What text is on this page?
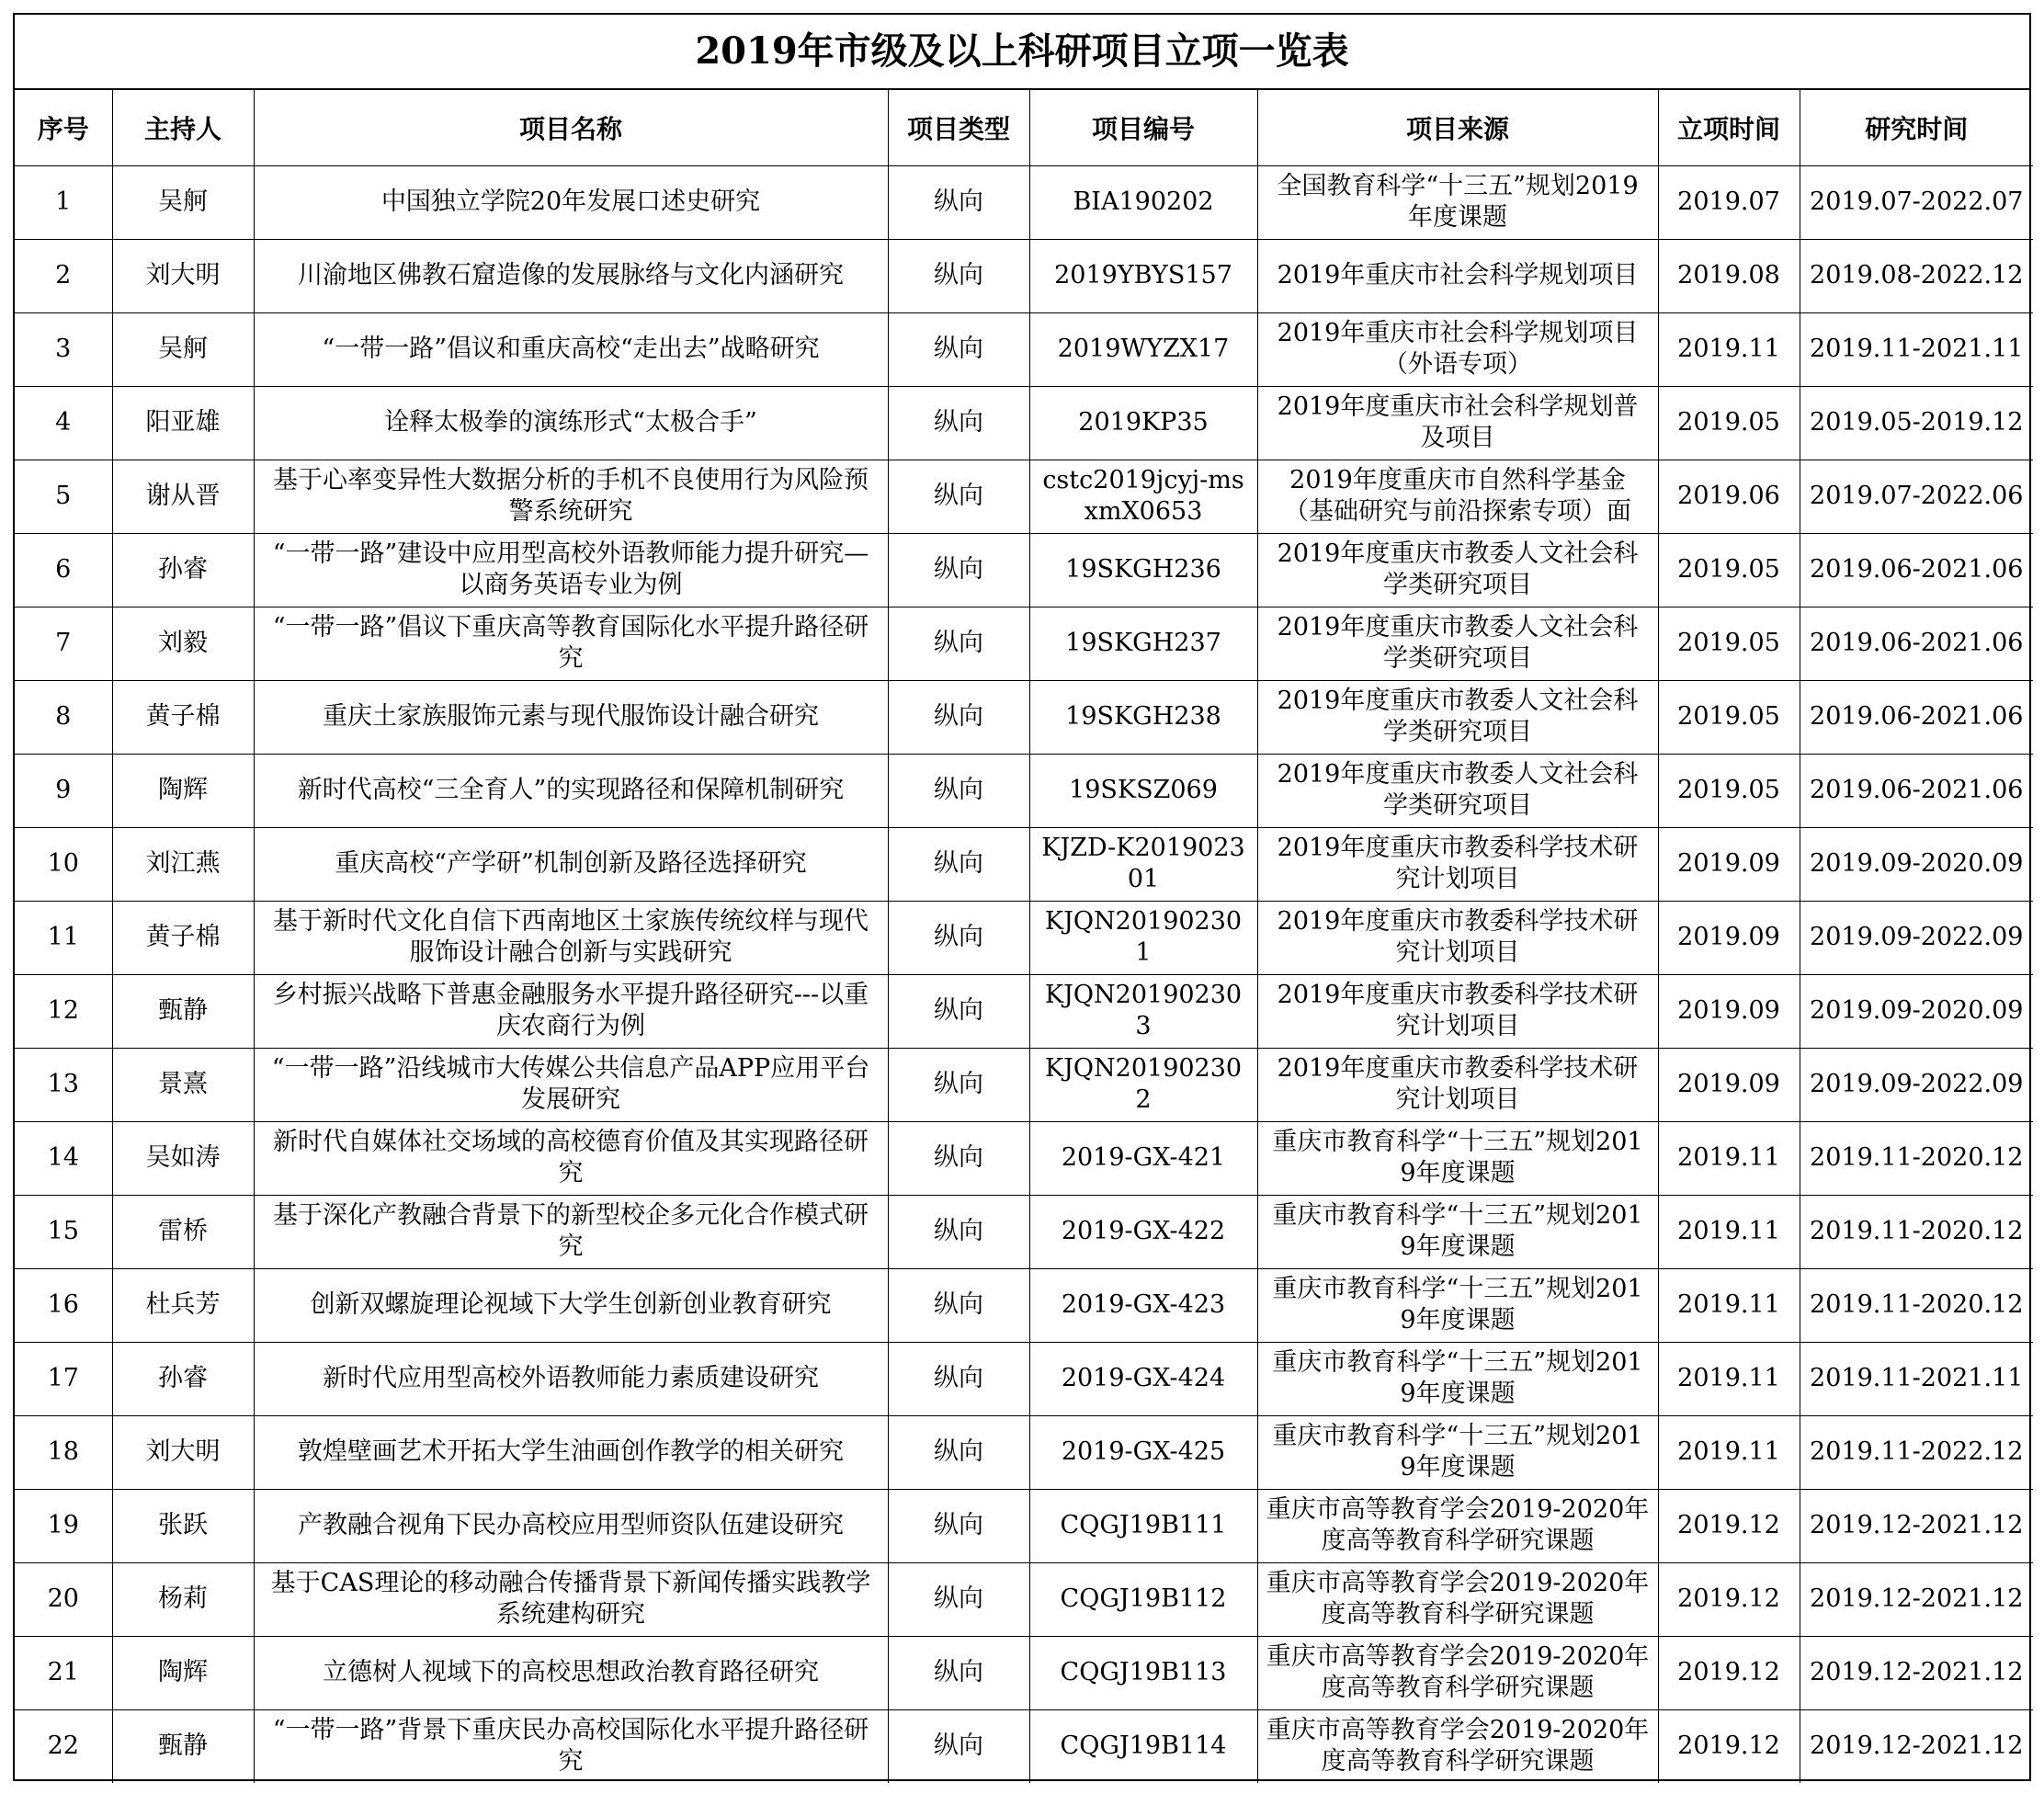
2019年市级及以上科研项目立项一览表
序号	主持人	项目名称	项目类型	项目编号	项目来源	立项时间	研究时间
1	吴舸	中国独立学院20年发展口述史研究	纵向	BIA190202	全国教育科学“十三五”规划2019年度课题	2019.07	2019.07-2022.07
2	刘大明	川渝地区佛教石窟造像的发展脉络与文化内涵研究	纵向	2019YBYS157	2019年重庆市社会科学规划项目	2019.08	2019.08-2022.12
3	吴舸	“一带一路”倡议和重庆高校“走出去”战略研究	纵向	2019WYZX17	2019年重庆市社会科学规划项目（外语专项）	2019.11	2019.11-2021.11
4	阳亚雄	诠释太极拳的演练形式“太极合手”	纵向	2019KP35	2019年度重庆市社会科学规划普及项目	2019.05	2019.05-2019.12
5	谢从晋	基于心率变异性大数据分析的手机不良使用行为风险预警系统研究	纵向	cstc2019jcyj-msxmX0653	2019年度重庆市自然科学基金（基础研究与前沿探索专项）面	2019.06	2019.07-2022.06
6	孙睿	“一带一路”建设中应用型高校外语教师能力提升研究—以商务英语专业为例	纵向	19SKGH236	2019年度重庆市教委人文社会科学类研究项目	2019.05	2019.06-2021.06
7	刘毅	“一带一路”倡议下重庆高等教育国际化水平提升路径研究	纵向	19SKGH237	2019年度重庆市教委人文社会科学类研究项目	2019.05	2019.06-2021.06
8	黄子棉	重庆土家族服饰元素与现代服饰设计融合研究	纵向	19SKGH238	2019年度重庆市教委人文社会科学类研究项目	2019.05	2019.06-2021.06
9	陶辉	新时代高校“三全育人”的实现路径和保障机制研究	纵向	19SKSZ069	2019年度重庆市教委人文社会科学类研究项目	2019.05	2019.06-2021.06
10	刘江燕	重庆高校“产学研”机制创新及路径选择研究	纵向	KJZD-K201902301	2019年度重庆市教委科学技术研究计划项目	2019.09	2019.09-2020.09
11	黄子棉	基于新时代文化自信下西南地区土家族传统纹样与现代服饰设计融合创新与实践研究	纵向	KJQN201902301	2019年度重庆市教委科学技术研究计划项目	2019.09	2019.09-2022.09
12	甄静	乡村振兴战略下普惠金融服务水平提升路径研究---以重庆农商行为例	纵向	KJQN201902303	2019年度重庆市教委科学技术研究计划项目	2019.09	2019.09-2020.09
13	景熹	“一带一路”沿线城市大传媒公共信息产品APP应用平台发展研究	纵向	KJQN201902302	2019年度重庆市教委科学技术研究计划项目	2019.09	2019.09-2022.09
14	吴如涛	新时代自媒体社交场域的高校德育价值及其实现路径研究	纵向	2019-GX-421	重庆市教育科学“十三五”规划2019年度课题	2019.11	2019.11-2020.12
15	雷桥	基于深化产教融合背景下的新型校企多元化合作模式研究	纵向	2019-GX-422	重庆市教育科学“十三五”规划2019年度课题	2019.11	2019.11-2020.12
16	杜兵芳	创新双螺旋理论视域下大学生创新创业教育研究	纵向	2019-GX-423	重庆市教育科学“十三五”规划2019年度课题	2019.11	2019.11-2020.12
17	孙睿	新时代应用型高校外语教师能力素质建设研究	纵向	2019-GX-424	重庆市教育科学“十三五”规划2019年度课题	2019.11	2019.11-2021.11
18	刘大明	敦煌壁画艺术开拓大学生油画创作教学的相关研究	纵向	2019-GX-425	重庆市教育科学“十三五”规划2019年度课题	2019.11	2019.11-2022.12
19	张跃	产教融合视角下民办高校应用型师资队伍建设研究	纵向	CQGJ19B111	重庆市高等教育学会2019-2020年度高等教育科学研究课题	2019.12	2019.12-2021.12
20	杨莉	基于CAS理论的移动融合传播背景下新闻传播实践教学系统建构研究	纵向	CQGJ19B112	重庆市高等教育学会2019-2020年度高等教育科学研究课题	2019.12	2019.12-2021.12
21	陶辉	立德树人视域下的高校思想政治教育路径研究	纵向	CQGJ19B113	重庆市高等教育学会2019-2020年度高等教育科学研究课题	2019.12	2019.12-2021.12
22	甄静	“一带一路”背景下重庆民办高校国际化水平提升路径研究	纵向	CQGJ19B114	重庆市高等教育学会2019-2020年度高等教育科学研究课题	2019.12	2019.12-2021.12
